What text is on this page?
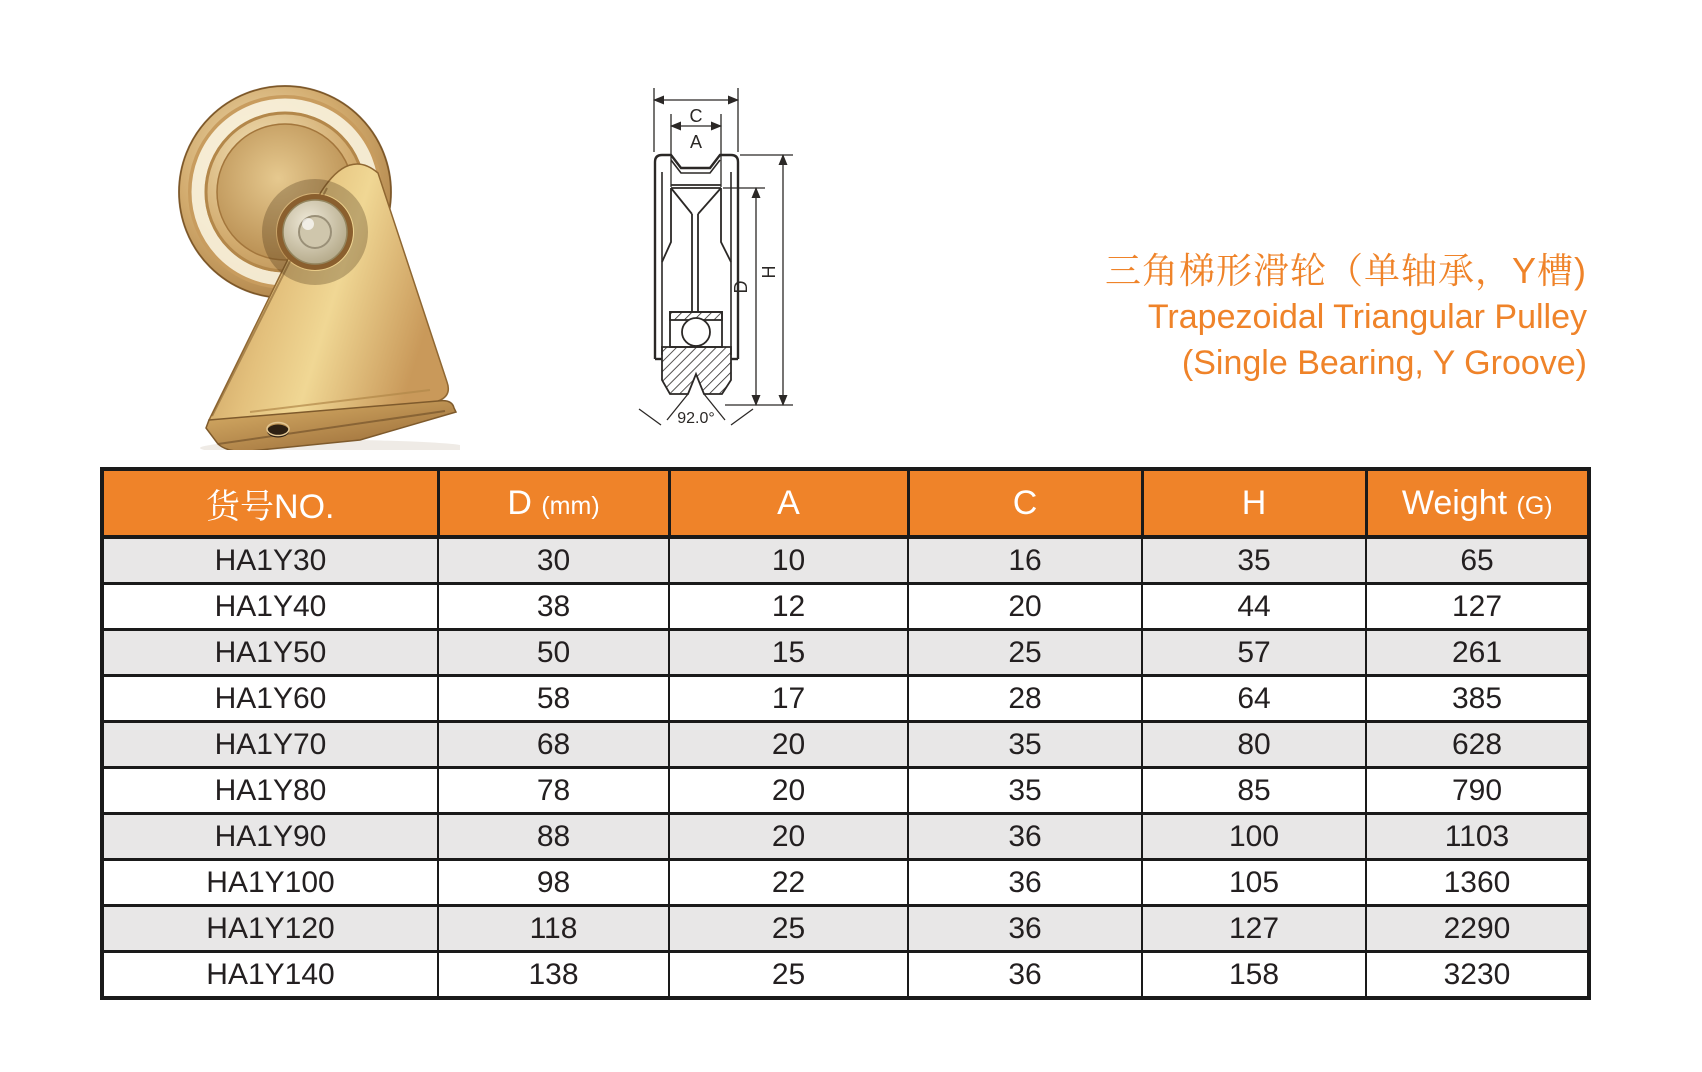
C
A
D
H
92.0°
三角梯形滑轮（单轴承，Y槽)
Trapezoidal Triangular Pulley
(Single Bearing, Y Groove)
货号NO.	D (mm)	A	C	H	Weight (G)
HA1Y30	30	10	16	35	65
HA1Y40	38	12	20	44	127
HA1Y50	50	15	25	57	261
HA1Y60	58	17	28	64	385
HA1Y70	68	20	35	80	628
HA1Y80	78	20	35	85	790
HA1Y90	88	20	36	100	1103
HA1Y100	98	22	36	105	1360
HA1Y120	118	25	36	127	2290
HA1Y140	138	25	36	158	3230
